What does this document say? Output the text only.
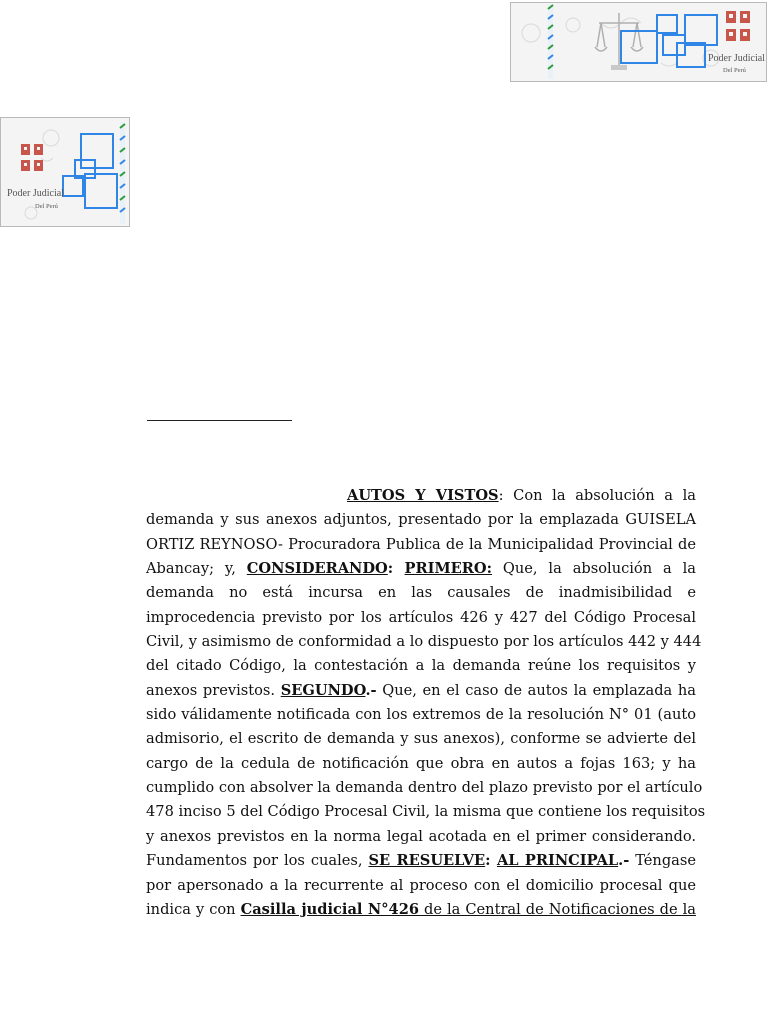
Poder Judicial
Del Perú
Poder Judicial
Del Perú
AUTOS Y VISTOS: Con la absolución a la
demanda y sus anexos adjuntos, presentado por la emplazada GUISELA
ORTIZ REYNOSO- Procuradora Publica de la Municipalidad Provincial de
Abancay; y, CONSIDERANDO: PRIMERO: Que, la absolución a la
demanda no está incursa en las causales de inadmisibilidad e
improcedencia previsto por los artículos 426 y 427 del Código Procesal
Civil, y asimismo de conformidad a lo dispuesto por los artículos 442 y 444
del citado Código, la contestación a la demanda reúne los requisitos y
anexos previstos. SEGUNDO.- Que, en el caso de autos la emplazada ha
sido válidamente notificada con los extremos de la resolución N° 01 (auto
admisorio, el escrito de demanda y sus anexos), conforme se advierte del
cargo de la cedula de notificación que obra en autos a fojas 163; y ha
cumplido con absolver la demanda dentro del plazo previsto por el artículo
478 inciso 5 del Código Procesal Civil, la misma que contiene los requisitos
y anexos previstos en la norma legal acotada en el primer considerando.
Fundamentos por los cuales, SE RESUELVE: AL PRINCIPAL.- Téngase
por apersonado a la recurrente al proceso con el domicilio procesal que
indica y con Casilla judicial N°426 de la Central de Notificaciones de la
